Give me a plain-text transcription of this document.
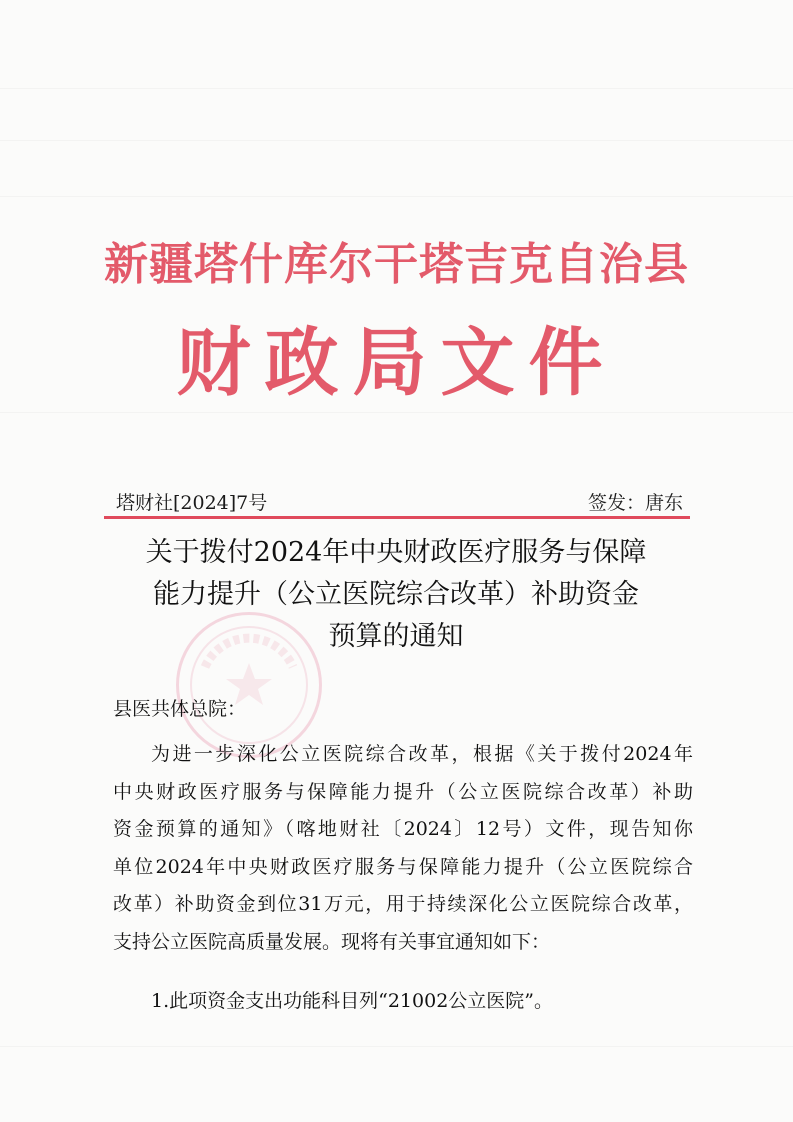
新疆塔什库尔干塔吉克自治县
财政局文件
塔财社[2024]7号	签发：唐东
关于拨付2024年中央财政医疗服务与保障
能力提升（公立医院综合改革）补助资金
预算的通知
县医共体总院：
为进一步深化公立医院综合改革，根据《关于拨付2024年
中央财政医疗服务与保障能力提升（公立医院综合改革）补助
资金预算的通知》（喀地财社〔2024〕12号）文件，现告知你
单位2024年中央财政医疗服务与保障能力提升（公立医院综合
改革）补助资金到位31万元，用于持续深化公立医院综合改革，
支持公立医院高质量发展。现将有关事宜通知如下：
1.此项资金支出功能科目列“21002公立医院”。
